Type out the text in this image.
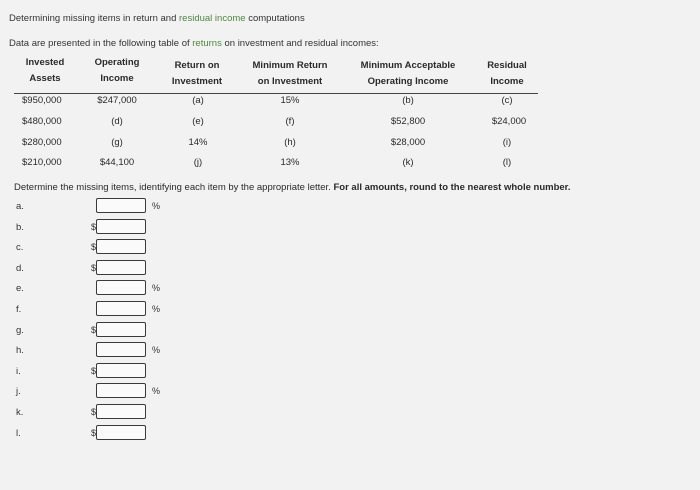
Determining missing items in return and residual income computations
Data are presented in the following table of returns on investment and residual incomes:
Invested
Assets
Operating
Income
Return on
Investment
Minimum Return
on Investment
Minimum Acceptable
Operating Income
Residual
Income
$950,000	$247,000	(a)	15%	(b)	(c)
$480,000	(d)	(e)	(f)	$52,800	$24,000
$280,000	(g)	14%	(h)	$28,000	(i)
$210,000	$44,100	(j)	13%	(k)	(l)
Determine the missing items, identifying each item by the appropriate letter. For all amounts, round to the nearest whole number.
a.	%
b.	$
c.	$
d.	$
e.	%
f.	%
g.	$
h.	%
i.	$
j.	%
k.	$
l.	$
